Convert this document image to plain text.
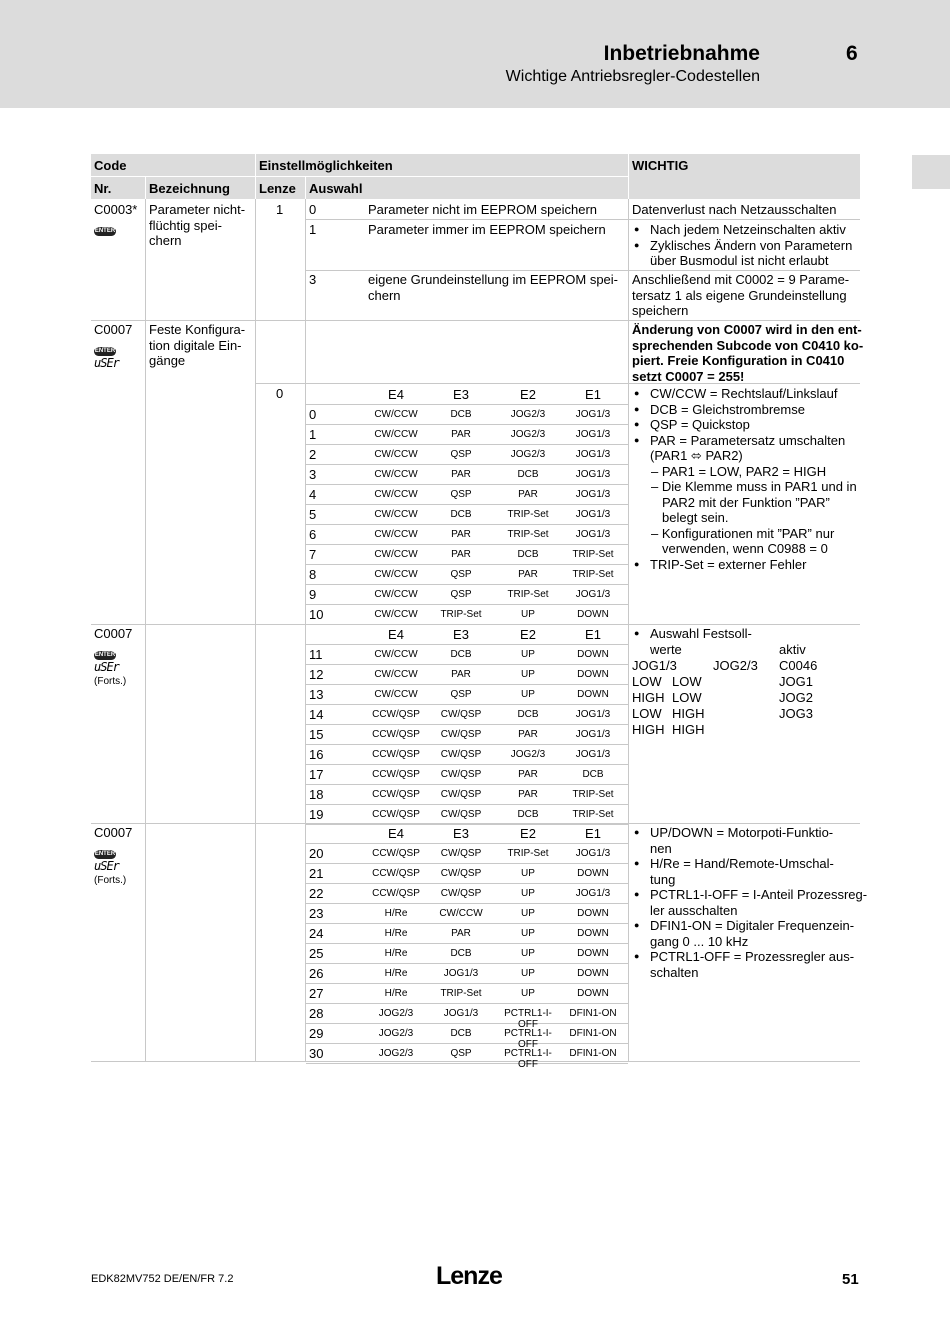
Inbetriebnahme	6
Wichtige Antriebsregler-Codestellen
Code	Einstellmöglichkeiten	WICHTIG
Nr.	Bezeichnung	Lenze	Auswahl
C0003*
ENTER
Parameter nicht-
flüchtig spei-
chern
1 0	Parameter nicht im EEPROM speichern	Datenverlust nach Netzausschalten
1	Parameter immer im EEPROM speichern
●	Nach jedem Netzeinschalten aktiv
● Zyklisches Ändern von Parametern über Busmodul ist nicht erlaubt
3	eigene Grundeinstellung im EEPROM spei-
chern
Anschließend mit C0002 = 9 Parame-
tersatz 1 als eigene Grundeinstellung
speichern
C0007
ENTER
uSEr
Feste Konfigura-
tion digitale Ein-
gänge
Änderung von C0007 wird in den ent-
sprechenden Subcode von C0410 ko-
piert. Freie Konfiguration in C0410
setzt C0007 = 255!
0
C0007
ENTER
uSEr
(Forts.)
C0007
ENTER
uSEr
(Forts.)
E4	E3	E2	E1
E4	E3	E2	E1
E4	E3	E2	E1
0	CW/CCW	DCB	JOG2/3	JOG1/3
1	CW/CCW	PAR	JOG2/3	JOG1/3
2	CW/CCW	QSP	JOG2/3	JOG1/3
3	CW/CCW	PAR	DCB	JOG1/3
4	CW/CCW	QSP	PAR	JOG1/3
5	CW/CCW	DCB	TRIP-Set	JOG1/3
6	CW/CCW	PAR	TRIP-Set	JOG1/3
7	CW/CCW	PAR	DCB	TRIP-Set
8	CW/CCW	QSP	PAR	TRIP-Set
9	CW/CCW	QSP	TRIP-Set	JOG1/3
10	CW/CCW	TRIP-Set	UP	DOWN
11	CW/CCW	DCB	UP	DOWN
12	CW/CCW	PAR	UP	DOWN
13	CW/CCW	QSP	UP	DOWN
14	CCW/QSP	CW/QSP	DCB	JOG1/3
15	CCW/QSP	CW/QSP	PAR	JOG1/3
16	CCW/QSP	CW/QSP	JOG2/3	JOG1/3
17	CCW/QSP	CW/QSP	PAR	DCB
18	CCW/QSP	CW/QSP	PAR	TRIP-Set
19	CCW/QSP	CW/QSP	DCB	TRIP-Set
20	CCW/QSP	CW/QSP	TRIP-Set	JOG1/3
21	CCW/QSP	CW/QSP	UP	DOWN
22	CCW/QSP	CW/QSP	UP	JOG1/3
23	H/Re	CW/CCW	UP	DOWN
24	H/Re	PAR	UP	DOWN
25	H/Re	DCB	UP	DOWN
26	H/Re	JOG1/3	UP	DOWN
27	H/Re	TRIP-Set	UP	DOWN
28	JOG2/3	JOG1/3	PCTRL1-I-OFF
DFIN1-ON
29	JOG2/3	DCB	PCTRL1-I-OFF
DFIN1-ON
30	JOG2/3	QSP	PCTRL1-I-OFF
DFIN1-ON
● CW/CCW = Rechtslauf/Linkslauf
● DCB = Gleichstrombremse
● QSP = Quickstop
● PAR = Parametersatz umschalten
(PAR1 ⬄ PAR2)
– PAR1 = LOW, PAR2 = HIGH
– Die Klemme muss in PAR1 und in PAR2 mit der Funktion ”PAR” belegt sein.
– Konfigurationen mit ”PAR” nur verwenden, wenn C0988 = 0
● TRIP-Set = externer Fehler
● Auswahl Festsoll-
werte	aktiv
JOG1/3	JOG2/3 C0046
LOW LOW	JOG1
HIGH LOW	JOG2
LOW HIGH	JOG3
HIGH HIGH
● UP/DOWN = Motorpoti-Funktio-
nen
● H/Re = Hand/Remote-Umschal-
tung
● PCTRL1-I-OFF = I-Anteil Prozessreg-
ler ausschalten
● DFIN1-ON = Digitaler Frequenzein-
gang 0 ... 10 kHz
● PCTRL1-OFF = Prozessregler aus-
schalten
EDK82MV752 DE/EN/FR 7.2	Lenze	51
